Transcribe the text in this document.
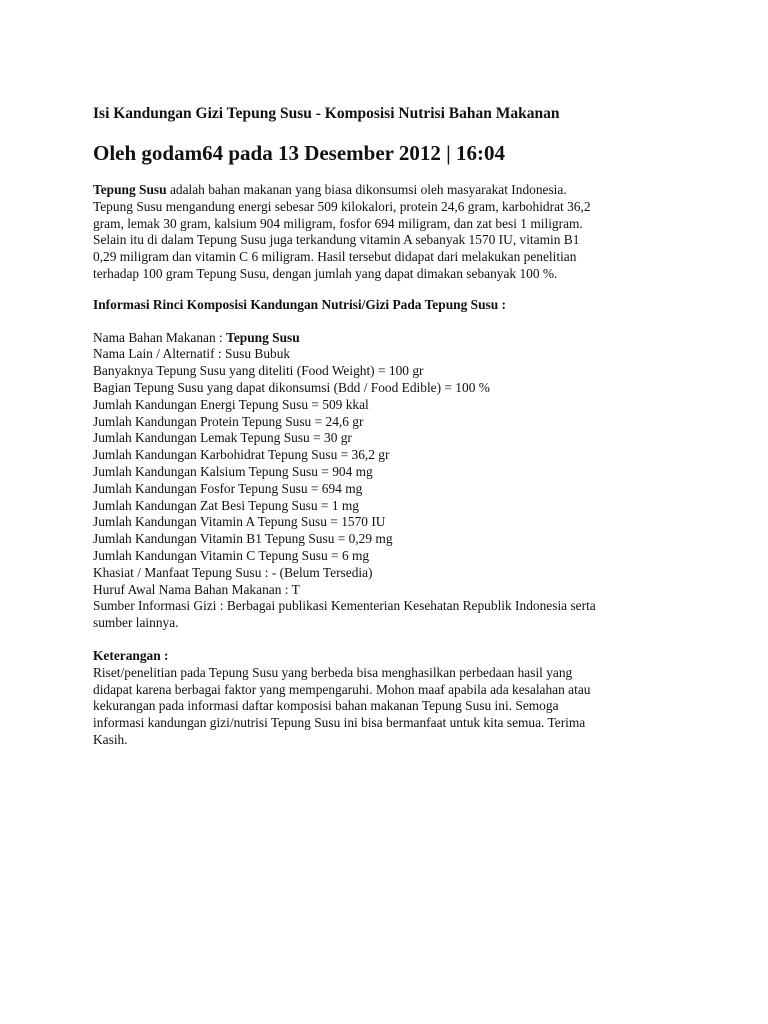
Isi Kandungan Gizi Tepung Susu - Komposisi Nutrisi Bahan Makanan
Oleh godam64 pada 13 Desember 2012 | 16:04

Tepung Susu adalah bahan makanan yang biasa dikonsumsi oleh masyarakat Indonesia.
Tepung Susu mengandung energi sebesar 509 kilokalori, protein 24,6 gram, karbohidrat 36,2
gram, lemak 30 gram, kalsium 904 miligram, fosfor 694 miligram, dan zat besi 1 miligram.
Selain itu di dalam Tepung Susu juga terkandung vitamin A sebanyak 1570 IU, vitamin B1
0,29 miligram dan vitamin C 6 miligram. Hasil tersebut didapat dari melakukan penelitian
terhadap 100 gram Tepung Susu, dengan jumlah yang dapat dimakan sebanyak 100 %.

Informasi Rinci Komposisi Kandungan Nutrisi/Gizi Pada Tepung Susu :

Nama Bahan Makanan : Tepung Susu
Nama Lain / Alternatif : Susu Bubuk
Banyaknya Tepung Susu yang diteliti (Food Weight) = 100 gr
Bagian Tepung Susu yang dapat dikonsumsi (Bdd / Food Edible) = 100 %
Jumlah Kandungan Energi Tepung Susu = 509 kkal
Jumlah Kandungan Protein Tepung Susu = 24,6 gr
Jumlah Kandungan Lemak Tepung Susu = 30 gr
Jumlah Kandungan Karbohidrat Tepung Susu = 36,2 gr
Jumlah Kandungan Kalsium Tepung Susu = 904 mg
Jumlah Kandungan Fosfor Tepung Susu = 694 mg
Jumlah Kandungan Zat Besi Tepung Susu = 1 mg
Jumlah Kandungan Vitamin A Tepung Susu = 1570 IU
Jumlah Kandungan Vitamin B1 Tepung Susu = 0,29 mg
Jumlah Kandungan Vitamin C Tepung Susu = 6 mg
Khasiat / Manfaat Tepung Susu : - (Belum Tersedia)
Huruf Awal Nama Bahan Makanan : T
Sumber Informasi Gizi : Berbagai publikasi Kementerian Kesehatan Republik Indonesia serta
sumber lainnya.

Keterangan :

Riset/penelitian pada Tepung Susu yang berbeda bisa menghasilkan perbedaan hasil yang
didapat karena berbagai faktor yang mempengaruhi. Mohon maaf apabila ada kesalahan atau
kekurangan pada informasi daftar komposisi bahan makanan Tepung Susu ini. Semoga
informasi kandungan gizi/nutrisi Tepung Susu ini bisa bermanfaat untuk kita semua. Terima
Kasih.
